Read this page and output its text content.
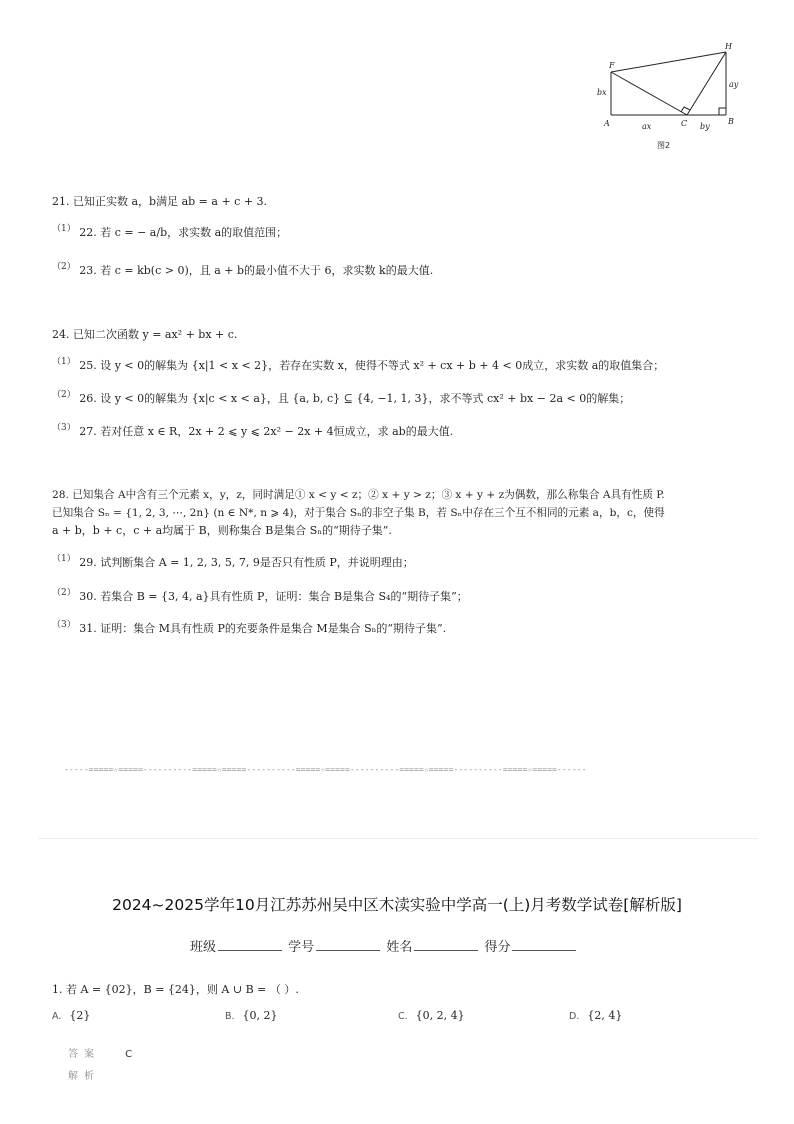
F
H
A	B
C
bx
ay
ax	by
图2
21. 已知正实数 a，b满足 ab = a + c + 3.
$^{(1)}$ 22. 若 c = − a/b，求实数 a的取值范围；
$^{(2)}$ 23. 若 c = kb(c > 0)，且 a + b的最小值不大于 6，求实数 k的最大值.
24. 已知二次函数 y = ax² + bx + c.
$^{(1)}$ 25. 设 y < 0的解集为 {x|1 < x < 2}，若存在实数 x，使得不等式 x² + cx + b + 4 < 0成立，求实数 a的取值集合；
$^{(2)}$ 26. 设 y < 0的解集为 {x|c < x < a}，且 {a, b, c} ⊆ {4, −1, 1, 3}，求不等式 cx² + bx − 2a < 0的解集；
$^{(3)}$ 27. 若对任意 x ∈ R，2x + 2 ⩽ y ⩽ 2x² − 2x + 4恒成立，求 ab的最大值.
28. 已知集合 A中含有三个元素 x，y，z，同时满足① x < y < z；② x + y > z；③ x + y + z为偶数，那么称集合 A具有性质 P.
已知集合 Sₙ = {1, 2, 3, ⋯, 2n} (n ∈ N*, n ⩾ 4)，对于集合 Sₙ的非空子集 B，若 Sₙ中存在三个互不相同的元素 a，b，c，使得
a + b，b + c，c + a均属于 B，则称集合 B是集合 Sₙ的“期待子集”.
$^{(1)}$ 29. 试判断集合 A = 1, 2, 3, 5, 7, 9是否只有性质 P，并说明理由；
$^{(2)}$ 30. 若集合 B = {3, 4, a}具有性质 P，证明：集合 B是集合 S₄的“期待子集”；
$^{(3)}$ 31. 证明：集合 M具有性质 P的充要条件是集合 M是集合 Sₙ的“期待子集”.
-----=====☆=====----------=====☆=====----------=====☆=====----------=====☆=====----------=====☆=====------
2024~2025学年10月江苏苏州吴中区木渎实验中学高一(上)月考数学试卷[解析版]
班级	学号	姓名	得分
1. 若 A = {02}，B = {24}，则 A ∪ B = （ ）.
A. {2}	B. {0, 2}	C. {0, 2, 4}	D. {2, 4}
答案	C
解析
